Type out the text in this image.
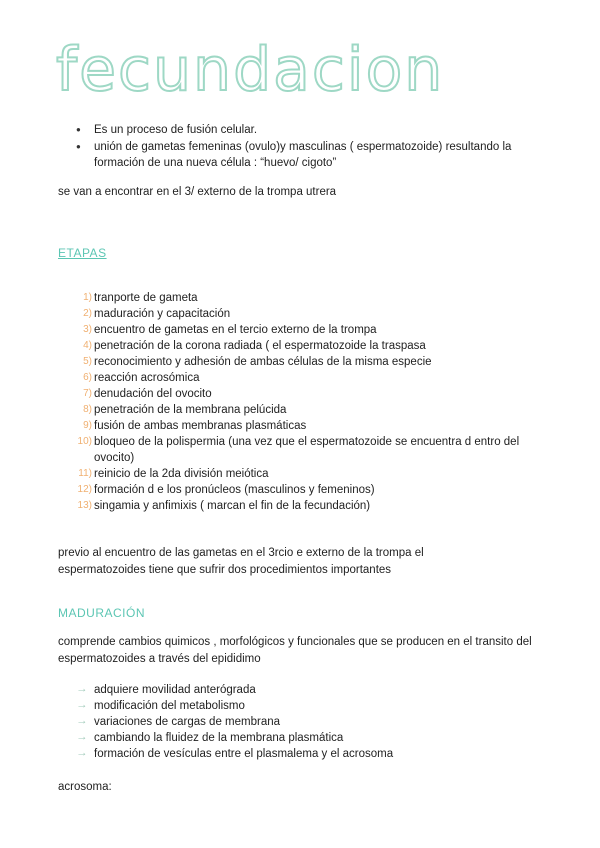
fecundacion
● Es un proceso de fusión celular.
● unión de gametas femeninas (ovulo)y masculinas ( espermatozoide) resultando la formación de una nueva célula : “huevo/ cigoto”
se van a encontrar en el 3/ externo de la trompa utrera
ETAPAS
1) tranporte de gameta
2) maduración y capacitación
3) encuentro de gametas en el tercio externo de la trompa
4) penetración de la corona radiada ( el espermatozoide la traspasa
5) reconocimiento y adhesión de ambas células de la misma especie
6) reacción acrosómica
7) denudación del ovocito
8) penetración de la membrana pelúcida
9) fusión de ambas membranas plasmáticas
10) bloqueo de la polispermia (una vez que el espermatozoide se encuentra d entro del ovocito)
11) reinicio de la 2da división meiótica
12) formación d e los pronúcleos (masculinos y femeninos)
13) singamia y anfimixis ( marcan el fin de la fecundación)
previo al encuentro de las gametas en el 3rcio e externo de la trompa el espermatozoides tiene que sufrir dos procedimientos importantes
MADURACIÓN
comprende cambios quimicos , morfológicos y funcionales que se producen en el transito del espermatozoides a través del epididimo
→ adquiere movilidad anterógrada
→ modificación del metabolismo
→ variaciones de cargas de membrana
→ cambiando la fluidez de la membrana plasmática
→ formación de vesículas entre el plasmalema y el acrosoma
acrosoma:
